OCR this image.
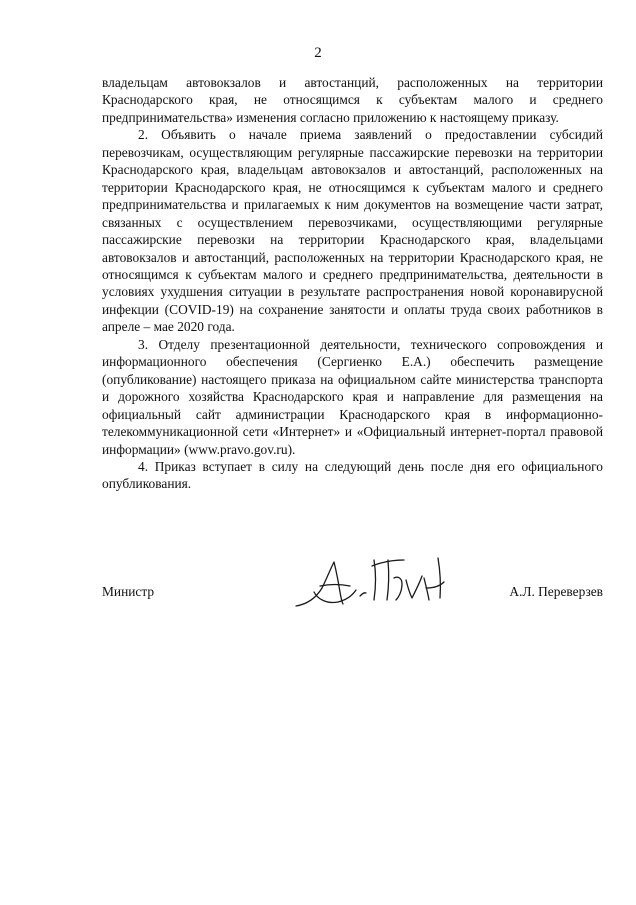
2

владельцам автовокзалов и автостанций, расположенных на территории Краснодарского края, не относящимся к субъектам малого и среднего предпринимательства» изменения согласно приложению к настоящему приказу.

2. Объявить о начале приема заявлений о предоставлении субсидий перевозчикам, осуществляющим регулярные пассажирские перевозки на территории Краснодарского края, владельцам автовокзалов и автостанций, расположенных на территории Краснодарского края, не относящимся к субъектам малого и среднего предпринимательства и прилагаемых к ним документов на возмещение части затрат, связанных с осуществлением перевозчиками, осуществляющими регулярные пассажирские перевозки на территории Краснодарского края, владельцами автовокзалов и автостанций, расположенных на территории Краснодарского края, не относящимся к субъектам малого и среднего предпринимательства, деятельности в условиях ухудшения ситуации в результате распространения новой коронавирусной инфекции (COVID-19) на сохранение занятости и оплаты труда своих работников в апреле – мае 2020 года.

3. Отделу презентационной деятельности, технического сопровождения и информационного обеспечения (Сергиенко Е.А.) обеспечить размещение (опубликование) настоящего приказа на официальном сайте министерства транспорта и дорожного хозяйства Краснодарского края и направление для размещения на официальный сайт администрации Краснодарского края в информационно-телекоммуникационной сети «Интернет» и «Официальный интернет-портал правовой информации» (www.pravo.gov.ru).

4. Приказ вступает в силу на следующий день после дня его официального опубликования.

Министр	А.Л. Переверзев
